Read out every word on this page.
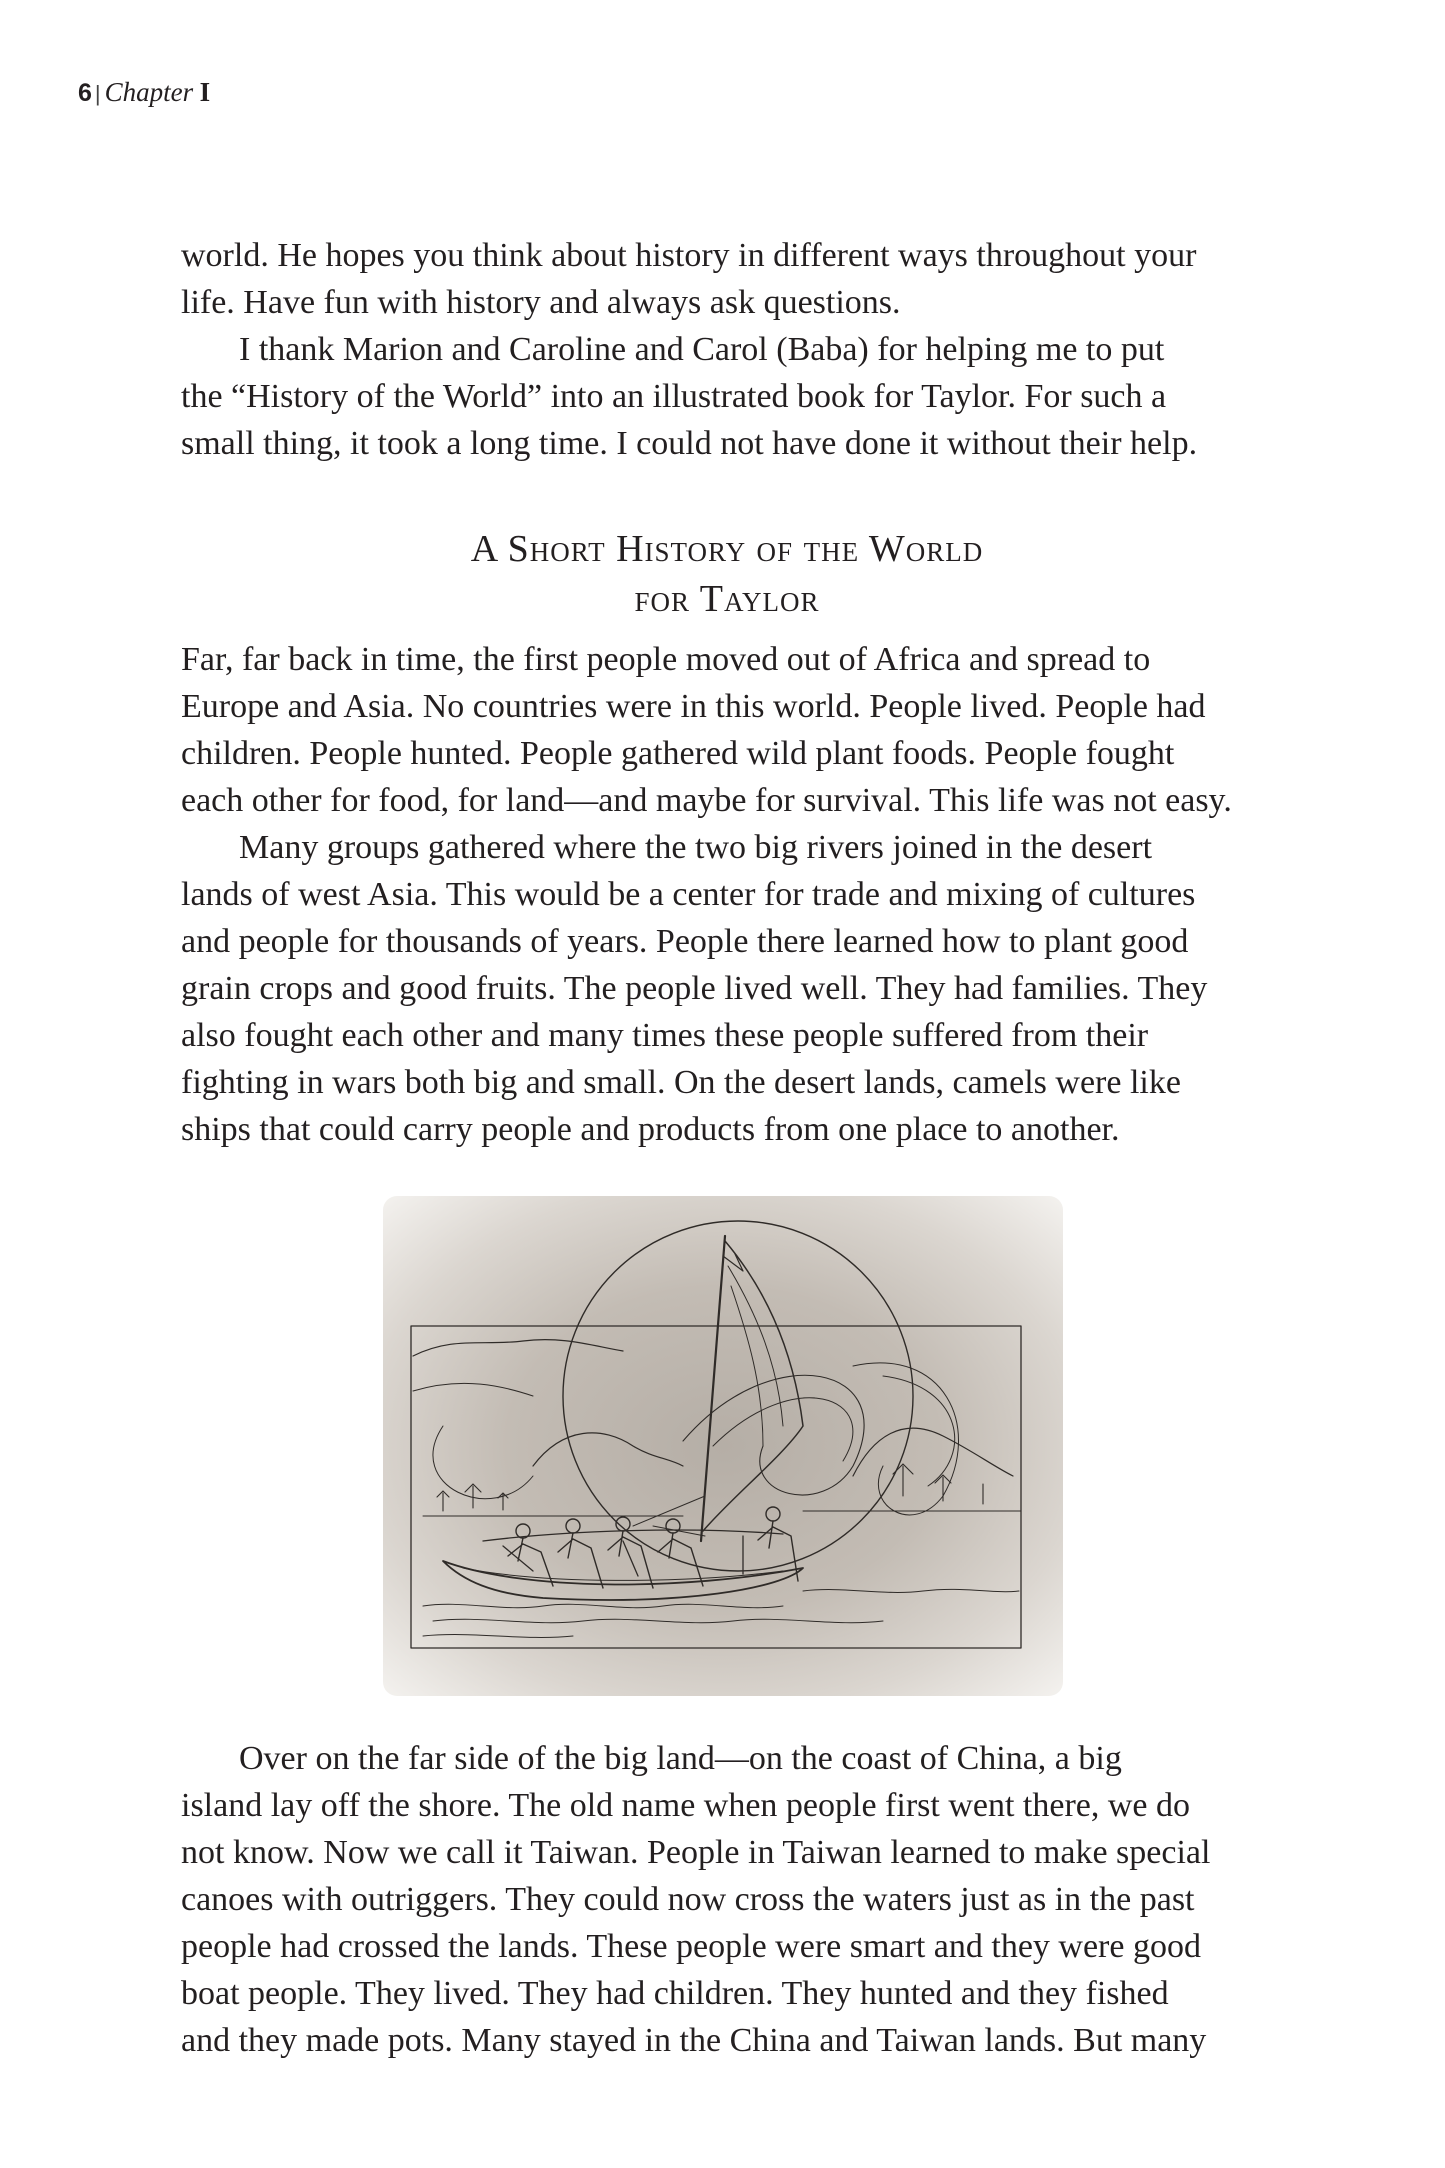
6 | Chapter I
world. He hopes you think about history in different ways throughout your
life. Have fun with history and always ask questions.
I thank Marion and Caroline and Carol (Baba) for helping me to put
the “History of the World” into an illustrated book for Taylor. For such a
small thing, it took a long time. I could not have done it without their help.
A Short History of the World
for Taylor
Far, far back in time, the first people moved out of Africa and spread to
Europe and Asia. No countries were in this world. People lived. People had
children. People hunted. People gathered wild plant foods. People fought
each other for food, for land—and maybe for survival. This life was not easy.
Many groups gathered where the two big rivers joined in the desert
lands of west Asia. This would be a center for trade and mixing of cultures
and people for thousands of years. People there learned how to plant good
grain crops and good fruits. The people lived well. They had families. They
also fought each other and many times these people suffered from their
fighting in wars both big and small. On the desert lands, camels were like
ships that could carry people and products from one place to another.
Over on the far side of the big land—on the coast of China, a big
island lay off the shore. The old name when people first went there, we do
not know. Now we call it Taiwan. People in Taiwan learned to make special
canoes with outriggers. They could now cross the waters just as in the past
people had crossed the lands. These people were smart and they were good
boat people. They lived. They had children. They hunted and they fished
and they made pots. Many stayed in the China and Taiwan lands. But many
